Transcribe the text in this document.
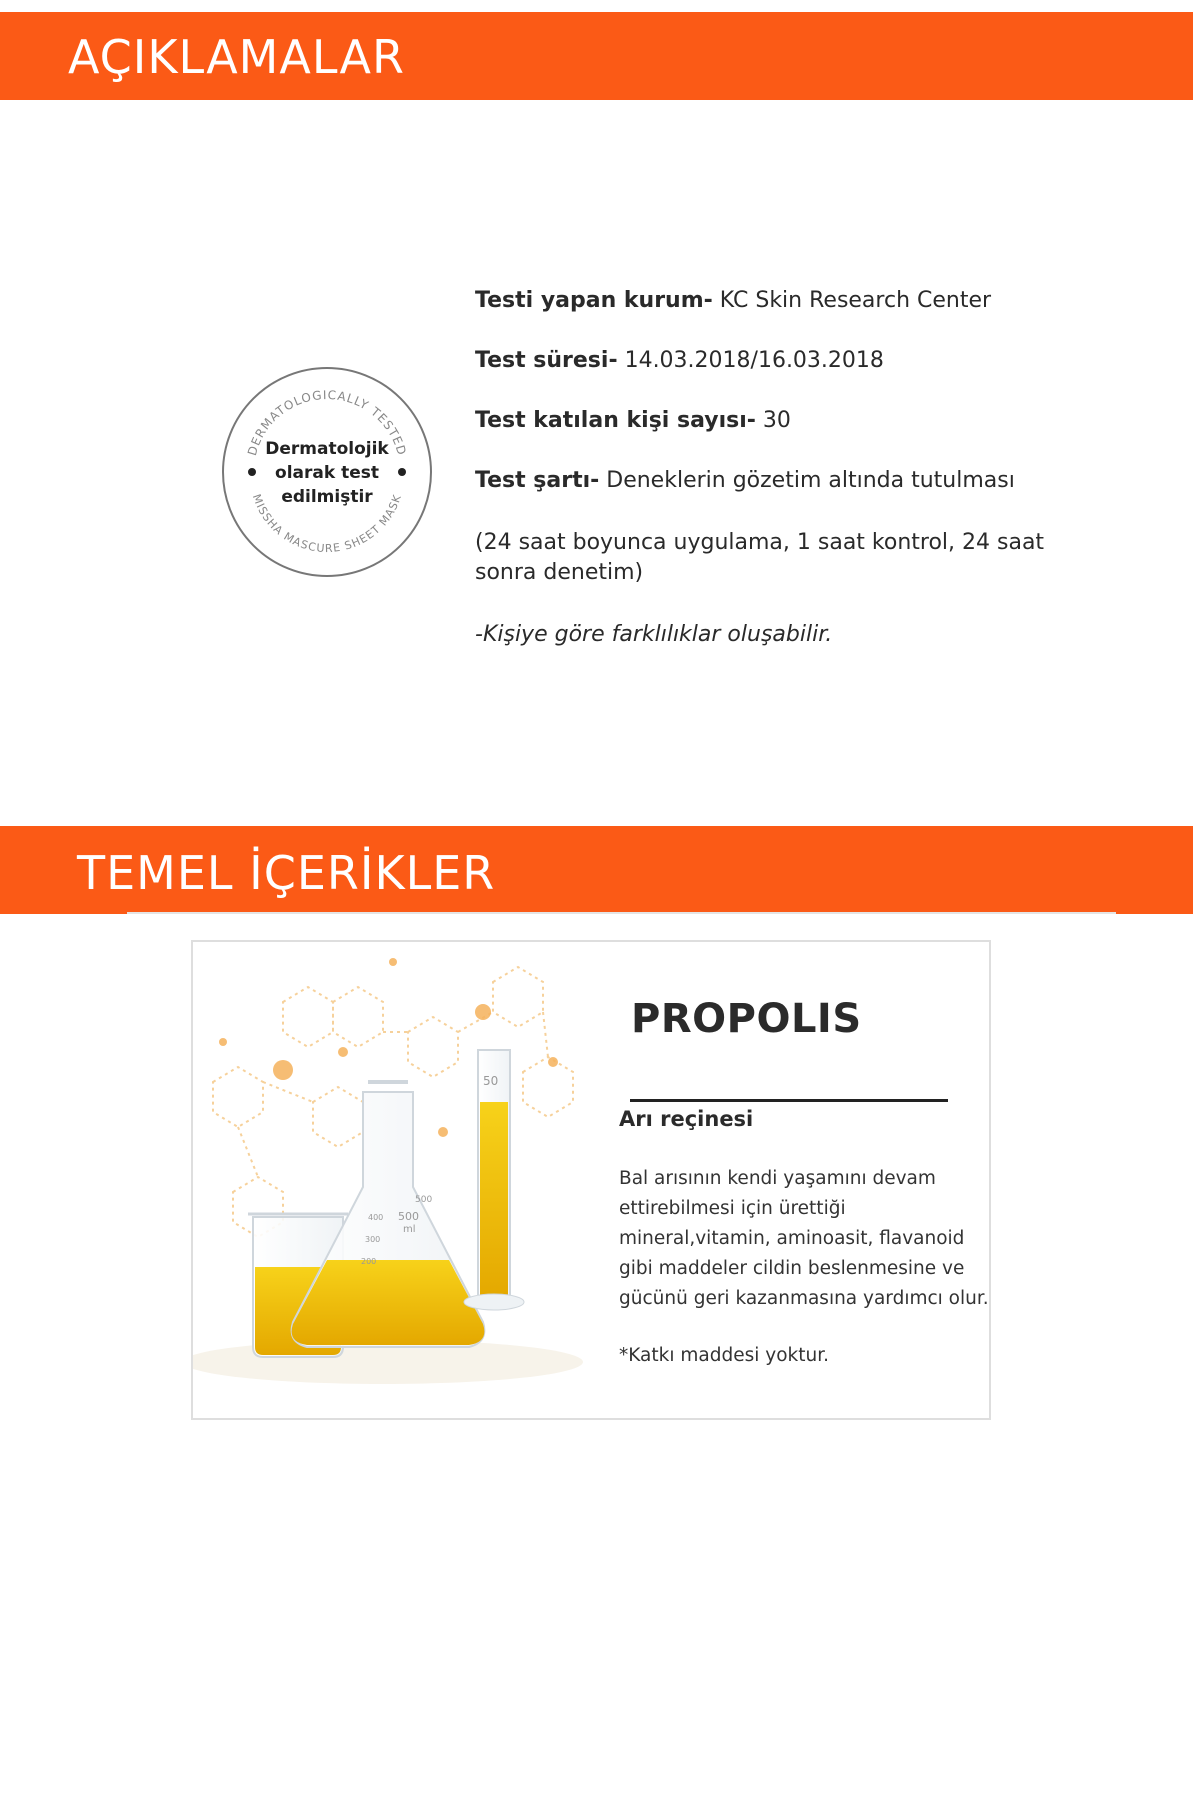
AÇIKLAMALAR
DERMATOLOGICALLY TESTED
MISSHA MASCURE SHEET MASK
Dermatolojik
olarak test
edilmiştir
Testi yapan kurum- KC Skin Research Center
Test süresi- 14.03.2018/16.03.2018
Test katılan kişi sayısı- 30
Test şartı- Deneklerin gözetim altında tutulması
(24 saat boyunca uygulama, 1 saat kontrol, 24 saat sonra denetim)
-Kişiye göre farklılıklar oluşabilir.
TEMEL İÇERİKLER
500
500
ml
400
300
200
50
PROPOLIS
Arı reçinesi
Bal arısının kendi yaşamını devam ettirebilmesi için ürettiği mineral,vitamin, aminoasit, flavanoid gibi maddeler cildin beslenmesine ve gücünü geri kazanmasına yardımcı olur.
*Katkı maddesi yoktur.
